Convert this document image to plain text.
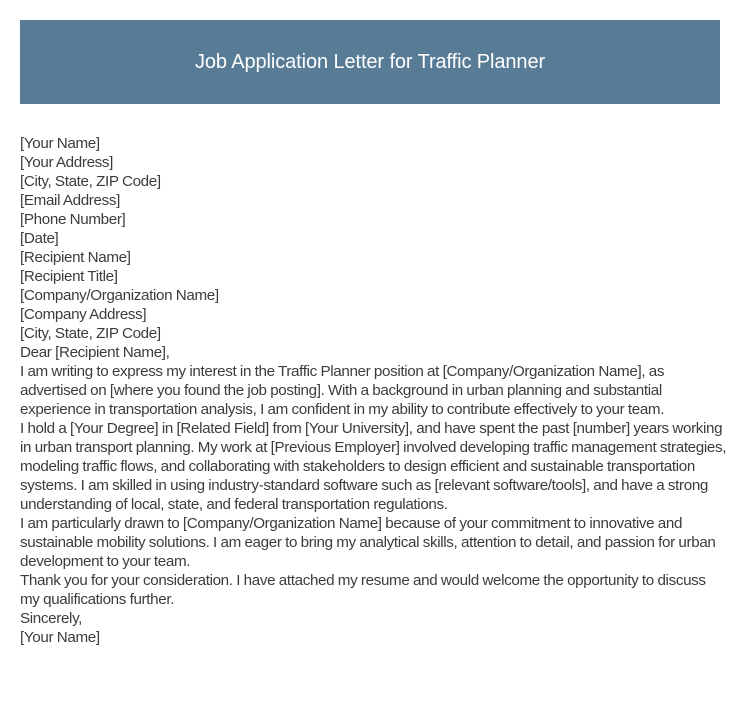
Job Application Letter for Traffic Planner
[Your Name]
[Your Address]
[City, State, ZIP Code]
[Email Address]
[Phone Number]
[Date]
[Recipient Name]
[Recipient Title]
[Company/Organization Name]
[Company Address]
[City, State, ZIP Code]
Dear [Recipient Name],
I am writing to express my interest in the Traffic Planner position at [Company/Organization Name], as advertised on [where you found the job posting]. With a background in urban planning and substantial experience in transportation analysis, I am confident in my ability to contribute effectively to your team.
I hold a [Your Degree] in [Related Field] from [Your University], and have spent the past [number] years working in urban transport planning. My work at [Previous Employer] involved developing traffic management strategies, modeling traffic flows, and collaborating with stakeholders to design efficient and sustainable transportation systems. I am skilled in using industry-standard software such as [relevant software/tools], and have a strong understanding of local, state, and federal transportation regulations.
I am particularly drawn to [Company/Organization Name] because of your commitment to innovative and sustainable mobility solutions. I am eager to bring my analytical skills, attention to detail, and passion for urban development to your team.
Thank you for your consideration. I have attached my resume and would welcome the opportunity to discuss my qualifications further.
Sincerely,
[Your Name]
